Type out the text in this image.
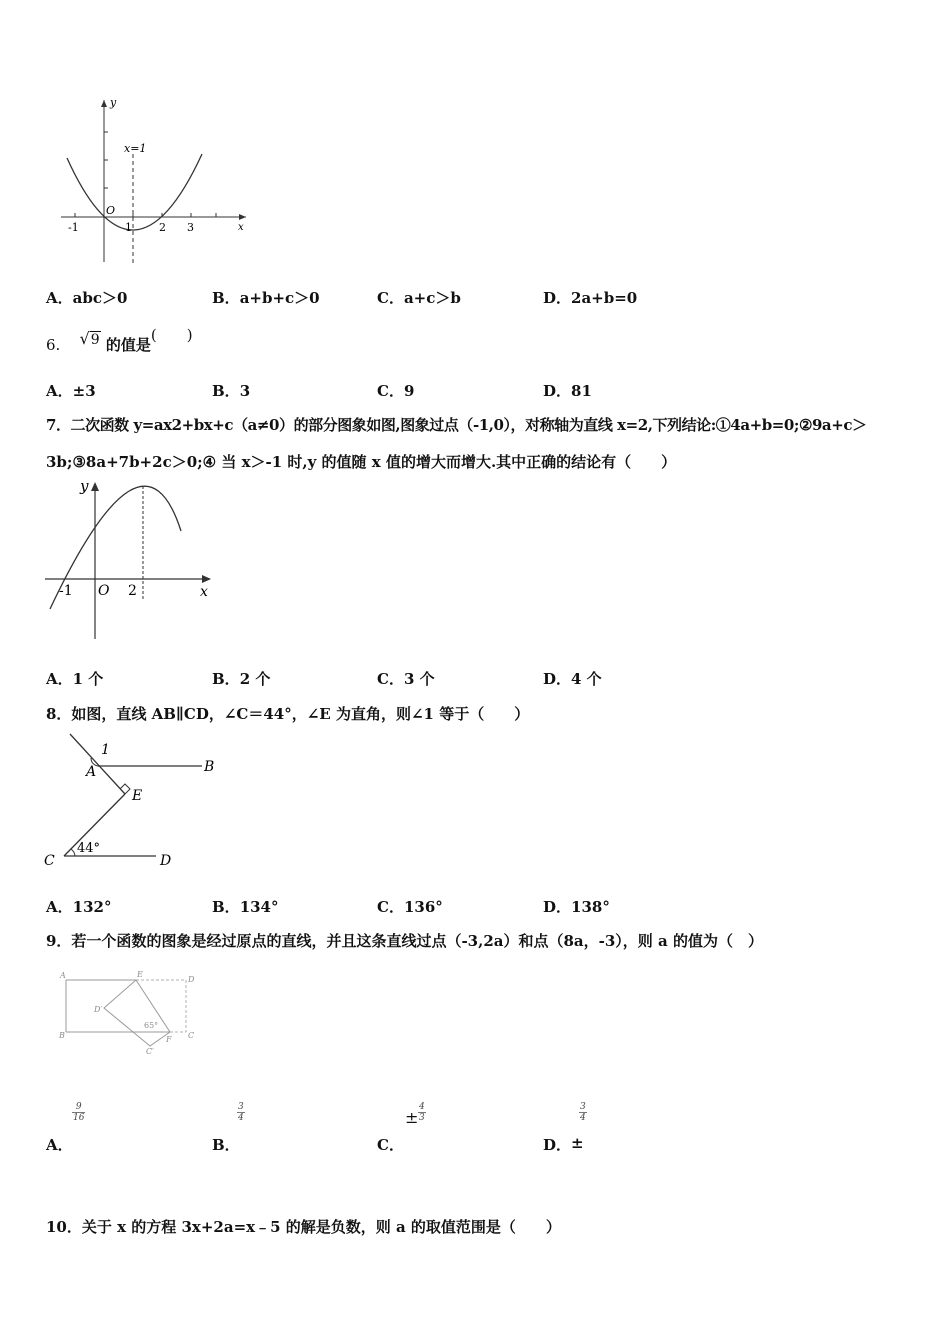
y
x
O
x=1
-1	1 2 3
A．abc＞0	B．a+b+c＞0	C．a+c＞b	D．2a+b=0
6. √9 的值是(　　)
A．±3	B．3	C．9	D．81
7．二次函数 y=ax2+bx+c（a≠0）的部分图象如图,图象过点（-1,0），对称轴为直线 x=2,下列结论:①4a+b=0;②9a+c＞
3b;③8a+7b+2c＞0;④ 当 x＞-1 时,y 的值随 x 值的增大而增大.其中正确的结论有（　　）
y
x
O
-1	2
A．1 个	B．2 个	C．3 个	D．4 个
8．如图，直线 AB∥CD，∠C＝44°，∠E 为直角，则∠1 等于（　　）
1
A	B
E
C	D
44°
A．132°	B．134°	C．136°	D．138°
9．若一个函数的图象是经过原点的直线，并且这条直线过点（-3,2a）和点（8a，-3），则 a 的值为（　）
A	E
D
B	C
D′
F
C′
65°
$\frac{9}{16}$
A．
$\frac{3}{4}$
B．
± $\frac{4}{3}$
C．
$\frac{3}{4}$
D． ±
10．关于 x 的方程 3x+2a=x﹣5 的解是负数，则 a 的取值范围是（　　）
